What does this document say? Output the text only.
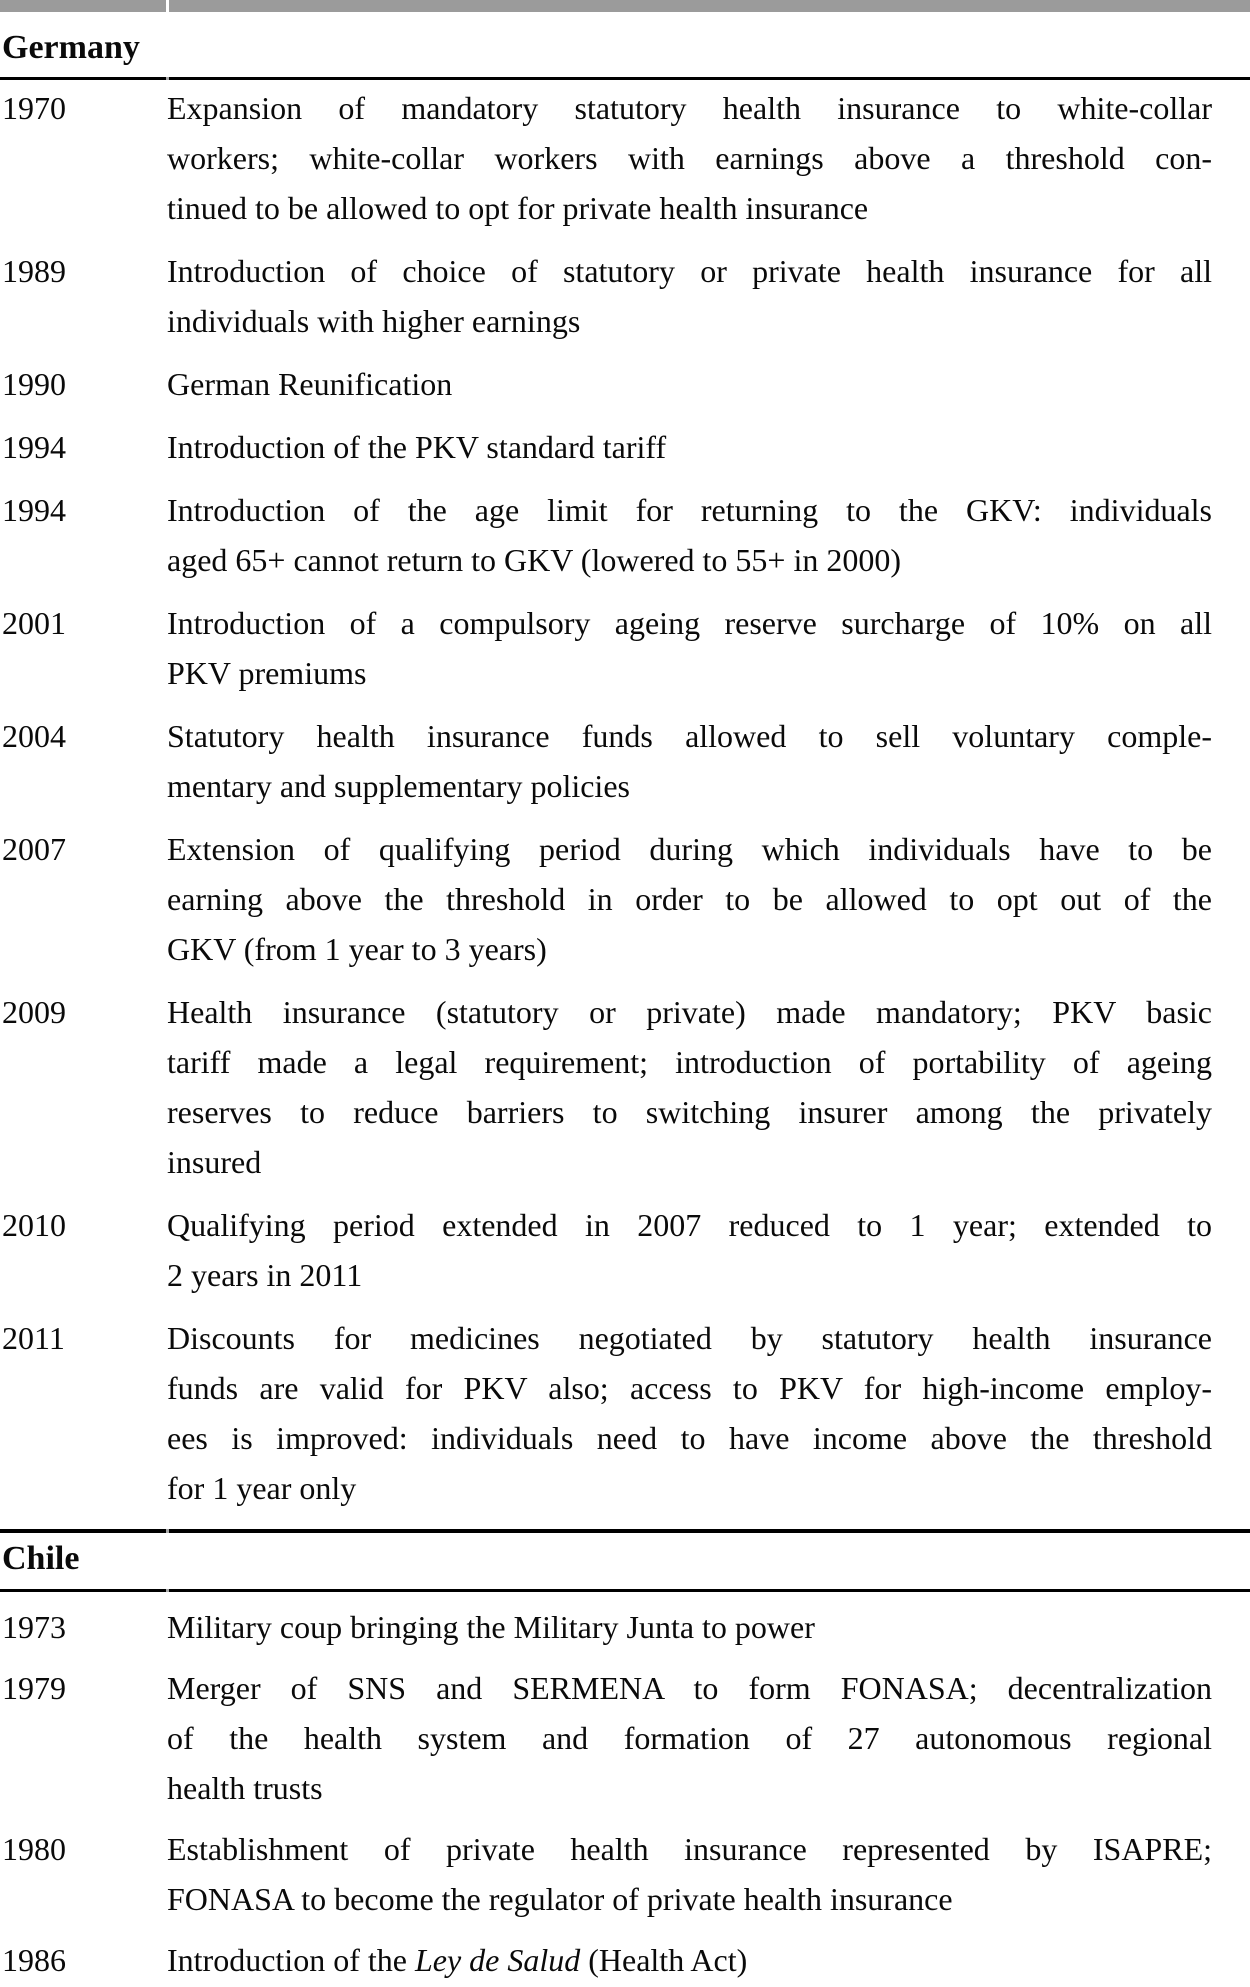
Germany
1970	Expansion of mandatory statutory health insurance to white-collar
workers; white-collar workers with earnings above a threshold con-
tinued to be allowed to opt for private health insurance
1989	Introduction of choice of statutory or private health insurance for all
individuals with higher earnings
1990	German Reunification
1994	Introduction of the PKV standard tariff
1994	Introduction of the age limit for returning to the GKV: individuals
aged 65+ cannot return to GKV (lowered to 55+ in 2000)
2001	Introduction of a compulsory ageing reserve surcharge of 10% on all
PKV premiums
2004	Statutory health insurance funds allowed to sell voluntary comple-
mentary and supplementary policies
2007	Extension of qualifying period during which individuals have to be
earning above the threshold in order to be allowed to opt out of the
GKV (from 1 year to 3 years)
2009	Health insurance (statutory or private) made mandatory; PKV basic
tariff made a legal requirement; introduction of portability of ageing
reserves to reduce barriers to switching insurer among the privately
insured
2010	Qualifying period extended in 2007 reduced to 1 year; extended to
2 years in 2011
2011	Discounts for medicines negotiated by statutory health insurance
funds are valid for PKV also; access to PKV for high-income employ-
ees is improved: individuals need to have income above the threshold
for 1 year only
Chile
1973	Military coup bringing the Military Junta to power
1979	Merger of SNS and SERMENA to form FONASA; decentralization
of the health system and formation of 27 autonomous regional
health trusts
1980	Establishment of private health insurance represented by ISAPRE;
FONASA to become the regulator of private health insurance
1986	Introduction of the Ley de Salud (Health Act)
